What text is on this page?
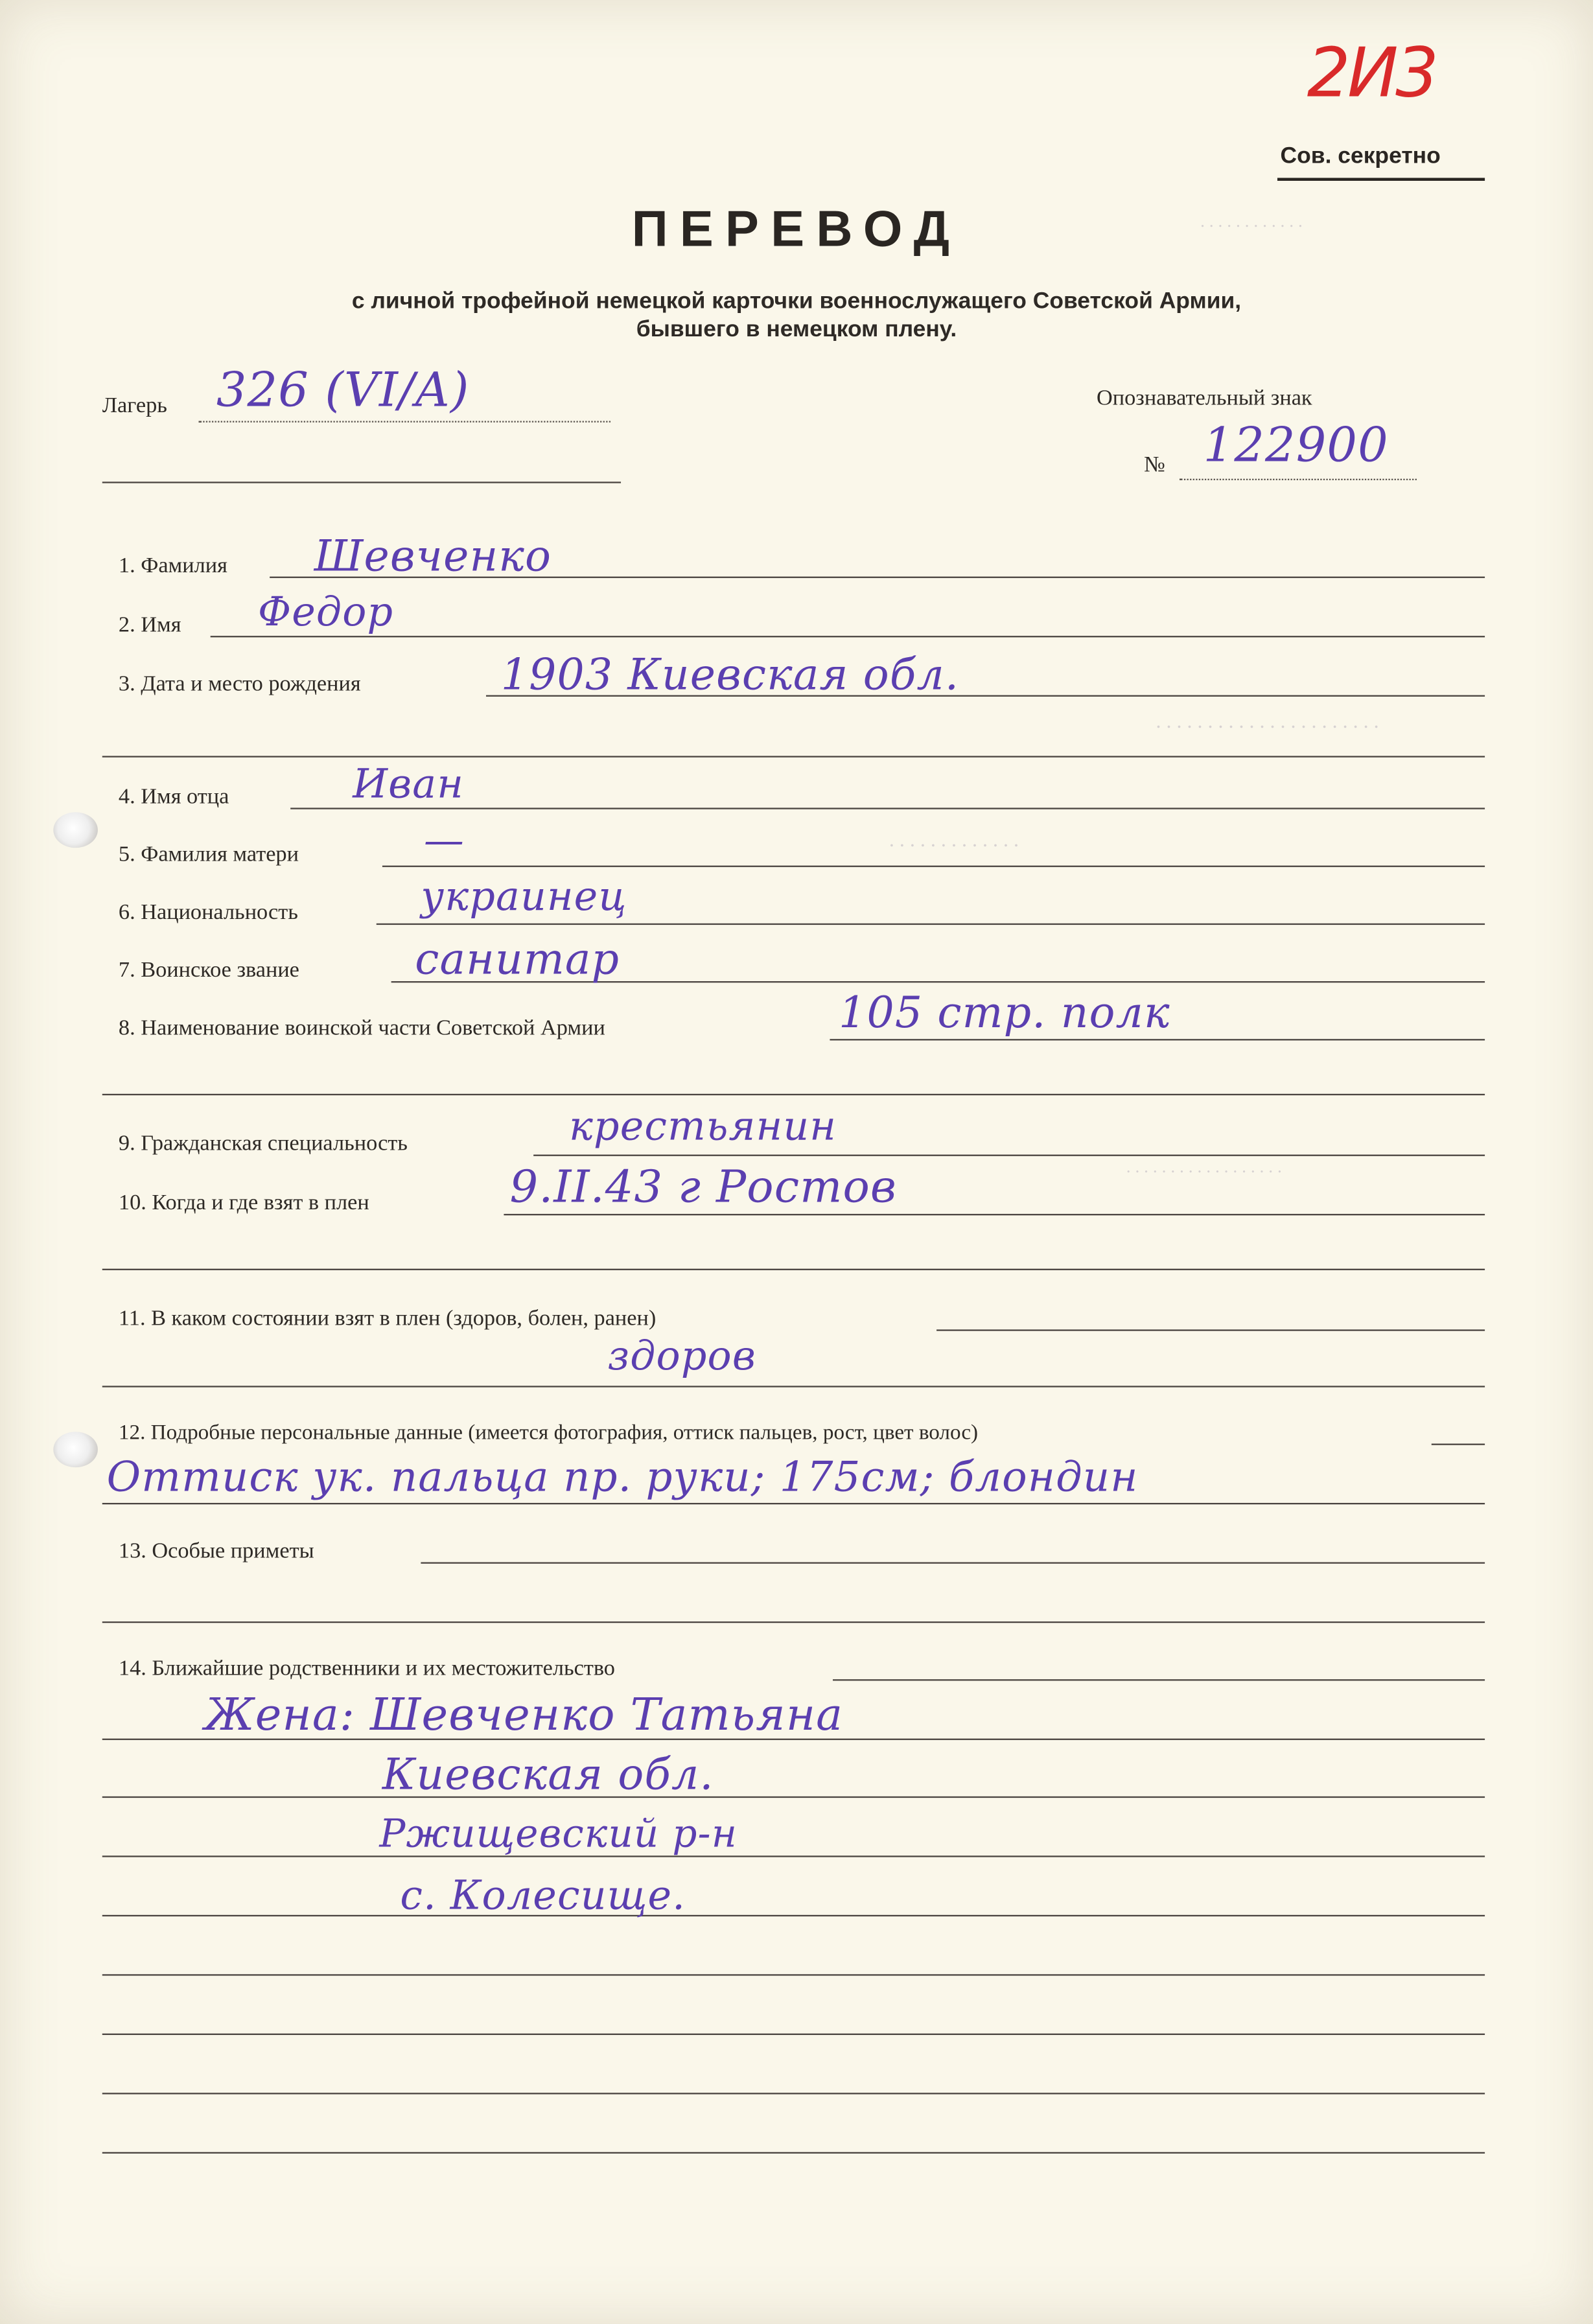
. . . . . . . . . . . .
. . . . . . . . . . . . . . . . . . . . . .
. . . . . . . . . . . . .
. . . . . . . . . . . . . . . . . .
2И3
Сов. секретно
ПЕРЕВОД
с личной трофейной немецкой карточки военнослужащего Советской Армии,
бывшего в немецком плену.
Лагерь 326 (VI/A)	Опознавательный знак
№ 122900
1. Фамилия	Шевченко
2. Имя	Федор
3. Дата и место рождения	1903 Киевская обл.
4. Имя отца	Иван
5. Фамилия матери	—
6. Национальность	украинец
7. Воинское звание	санитар
8. Наименование воинской части Советской Армии	105 стр. полк
9. Гражданская специальность	крестьянин
10. Когда и где взят в плен	9.II.43 г Ростов
11. В каком состоянии взят в плен (здоров, болен, ранен)
здоров
12. Подробные персональные данные (имеется фотография, оттиск пальцев, рост, цвет волос)
Оттиск ук. пальца пр. руки; 175см; блондин
13. Особые приметы
14. Ближайшие родственники и их местожительство
Жена: Шевченко Татьяна
Киевская обл.
Ржищевский р-н
с. Колесище.
